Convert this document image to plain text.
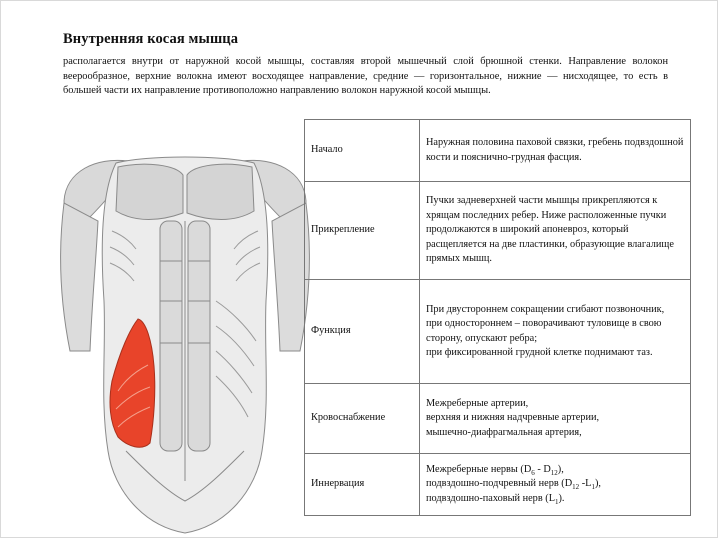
Внутренняя косая мышца
располагается внутри от наружной косой мышцы, составляя второй мышечный слой брюшной стенки. Направление волокон веерообразное, верхние волокна имеют восходящее направление, средние — горизонтальное, нижние — нисходящее, то есть в большей части их направление противоположно направлению волокон наружной косой мышцы.
Начало	Наружная половина паховой связки, гребень подвздошной кости и пояснично-грудная фасция.
Прикрепление	Пучки задневерхней части мышцы прикрепляются к хрящам последних ребер. Ниже расположенные пучки продолжаются в широкий апоневроз, который расщепляется на две пластинки, образующие влагалище прямых мышц.
Функция	При двустороннем сокращении сгибают позвоночник,
при одностороннем – поворачивают туловище в свою сторону, опускают ребра;
при фиксированной грудной клетке поднимают таз.

Кровоснабжение	Межреберные артерии,
верхняя и нижняя надчревные артерии,
мышечно-диафрагмальная артерия,

Иннервация	Межреберные нервы $(D_6 - D_{12})$,
подвздошно-подчревный нерв ($D_{12}$ $-L_1$),
подвздошно-паховый нерв $(L_1)$.
